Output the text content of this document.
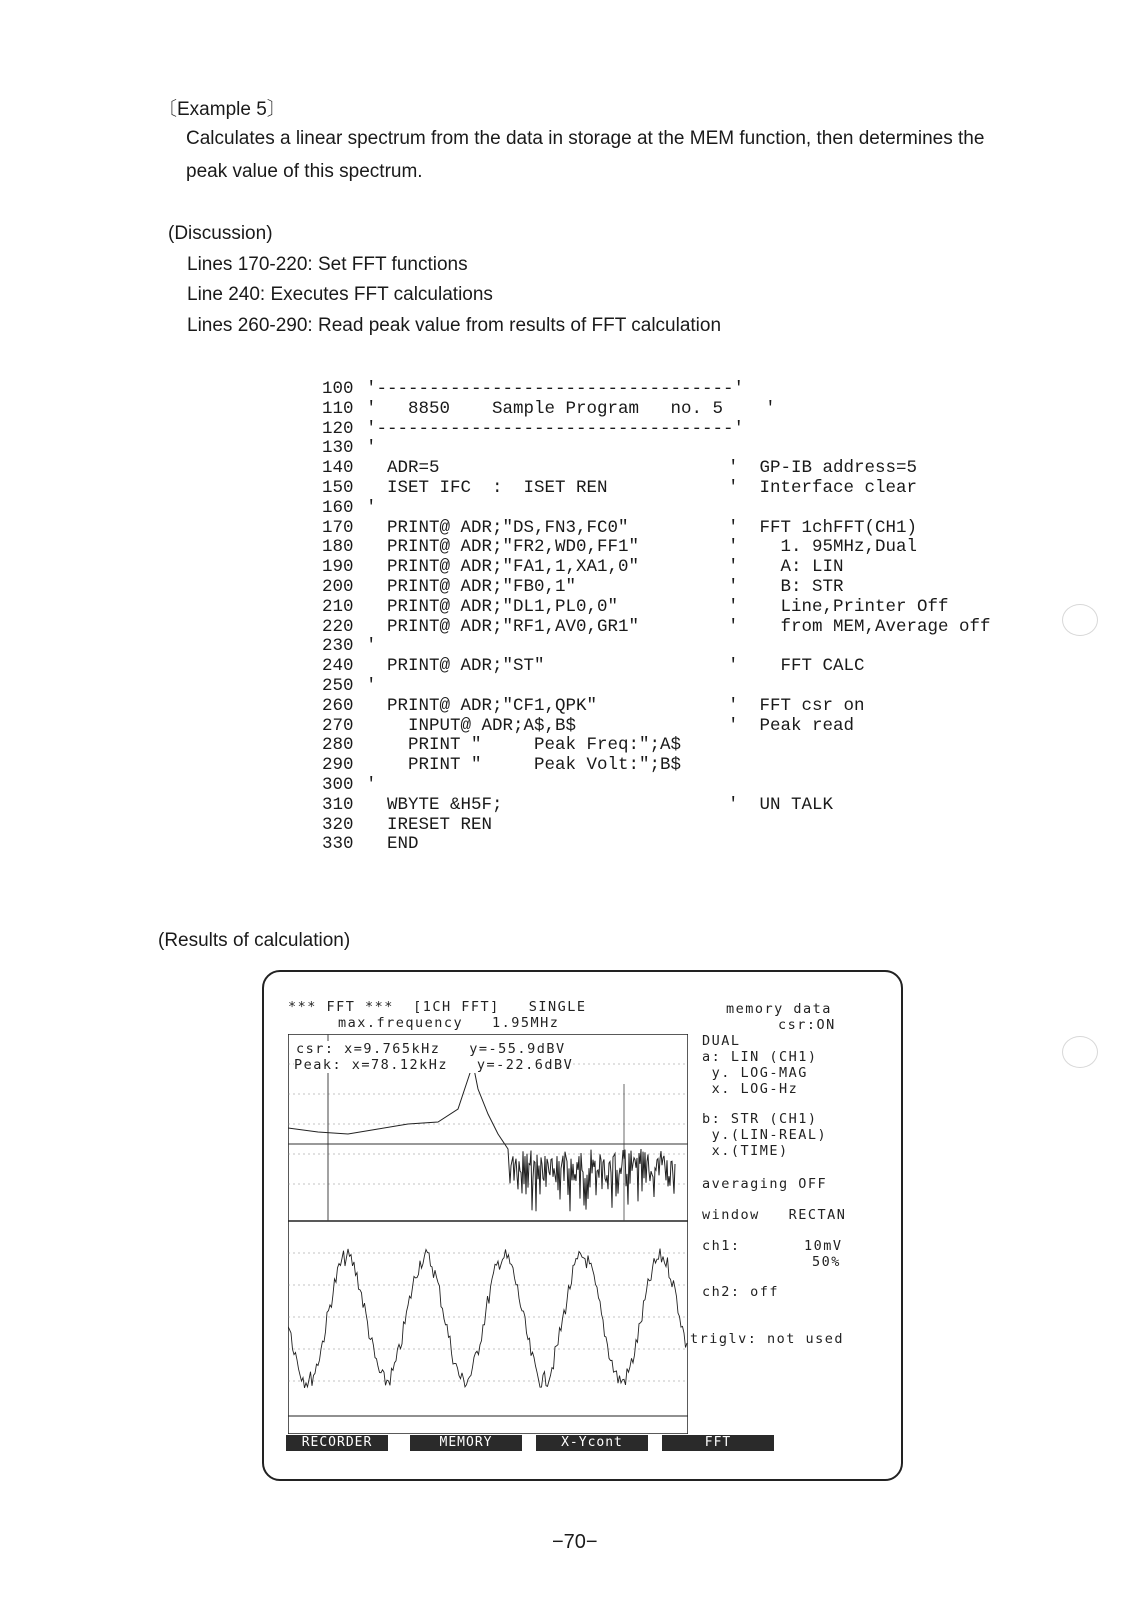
〔Example 5〕
Calculates a linear spectrum from the data in storage at the MEM function, then determines the
peak value of this spectrum.
(Discussion)
Lines 170-220: Set FFT functions
Line 240: Executes FFT calculations
Lines 260-290: Read peak value from results of FFT calculation
100 '----------------------------------'
110 '   8850    Sample Program   no. 5    '
120 '----------------------------------'
130 '
140 ADR=5	'  GP-IB address=5
150 ISET IFC  :  ISET REN	'  Interface clear
160 '
170 PRINT@ ADR;"DS,FN3,FC0"	'  FFT 1chFFT(CH1)
180 PRINT@ ADR;"FR2,WD0,FF1"	'    1. 95MHz,Dual
190 PRINT@ ADR;"FA1,1,XA1,0"	'    A: LIN
200 PRINT@ ADR;"FB0,1"	'    B: STR
210 PRINT@ ADR;"DL1,PL0,0"	'    Line,Printer Off
220 PRINT@ ADR;"RF1,AV0,GR1"	'    from MEM,Average off
230 '
240 PRINT@ ADR;"ST"	'    FFT CALC
250 '
260 PRINT@ ADR;"CF1,QPK"	'  FFT csr on
270 INPUT@ ADR;A$,B$	'  Peak read
280 PRINT "     Peak Freq:";A$
290 PRINT "     Peak Volt:";B$
300 '
310 WBYTE &H5F;	'  UN TALK
320 IRESET REN
330 END
(Results of calculation)
*** FFT ***  [1CH FFT]   SINGLE
max.frequency   1.95MHz
csr: x=9.765kHz   y=-55.9dBV
Peak: x=78.12kHz   y=-22.6dBV
memory data
csr:ON
DUAL
a: LIN (CH1)
y. LOG-MAG
x. LOG-Hz
b: STR (CH1)
y.(LIN-REAL)
x.(TIME)
averaging OFF
window   RECTAN
ch1:	10mV
50%
ch2: off
triglv: not used
RECORDER	MEMORY	X-Ycont	FFT
−70−
